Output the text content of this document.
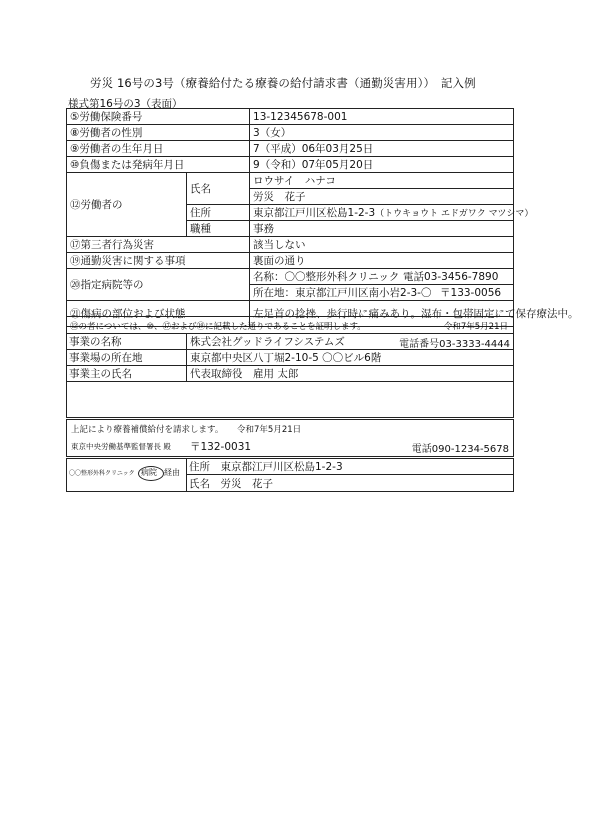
労災 16号の3号（療養給付たる療養の給付請求書（通勤災害用））　記入例
様式第16号の3（表面）
⑤労働保険番号		13-12345678-001
⑧労働者の性別		3（女）
⑨労働者の生年月日		7（平成）06年03月25日
⑩負傷または発病年月日		9（令和）07年05月20日
⑫労働者の	氏名	ロウサイ　ハナコ
		労災　花子
	住所	東京都江戸川区松島1-2-3（トウキョウト エドガワク マツシマ）
	職種	事務
⑰第三者行為災害		該当しない
⑲通勤災害に関する事項		裏面の通り
⑳指定病院等の		名称：〇〇整形外科クリニック 電話03-3456-7890
		所在地：東京都江戸川区南小岩2-3-〇 〒133-0056
㉑傷病の部位および状態		左足首の捻挫、歩行時に痛みあり。湿布・包帯固定にて保存療法中。
⑫の者については、⑩、⑰および⑲に記載した通りであることを証明します。	令和7年5月21日
事業の名称	株式会社グッドライフシステムズ 電話番号03-3333-4444

事業場の所在地	東京都中央区八丁堀2-10-5 〇〇ビル6階
事業主の氏名	代表取締役　雇用 太郎

上記により療養補償給付を請求します。 令和7年5月21日
東京中央労働基準監督署長 殿 〒132-0031	電話090-1234-5678
〇〇整形外科クリニック 病院 経由 住所　 東京都江戸川区松島1-2-3
氏名　 労災　花子
